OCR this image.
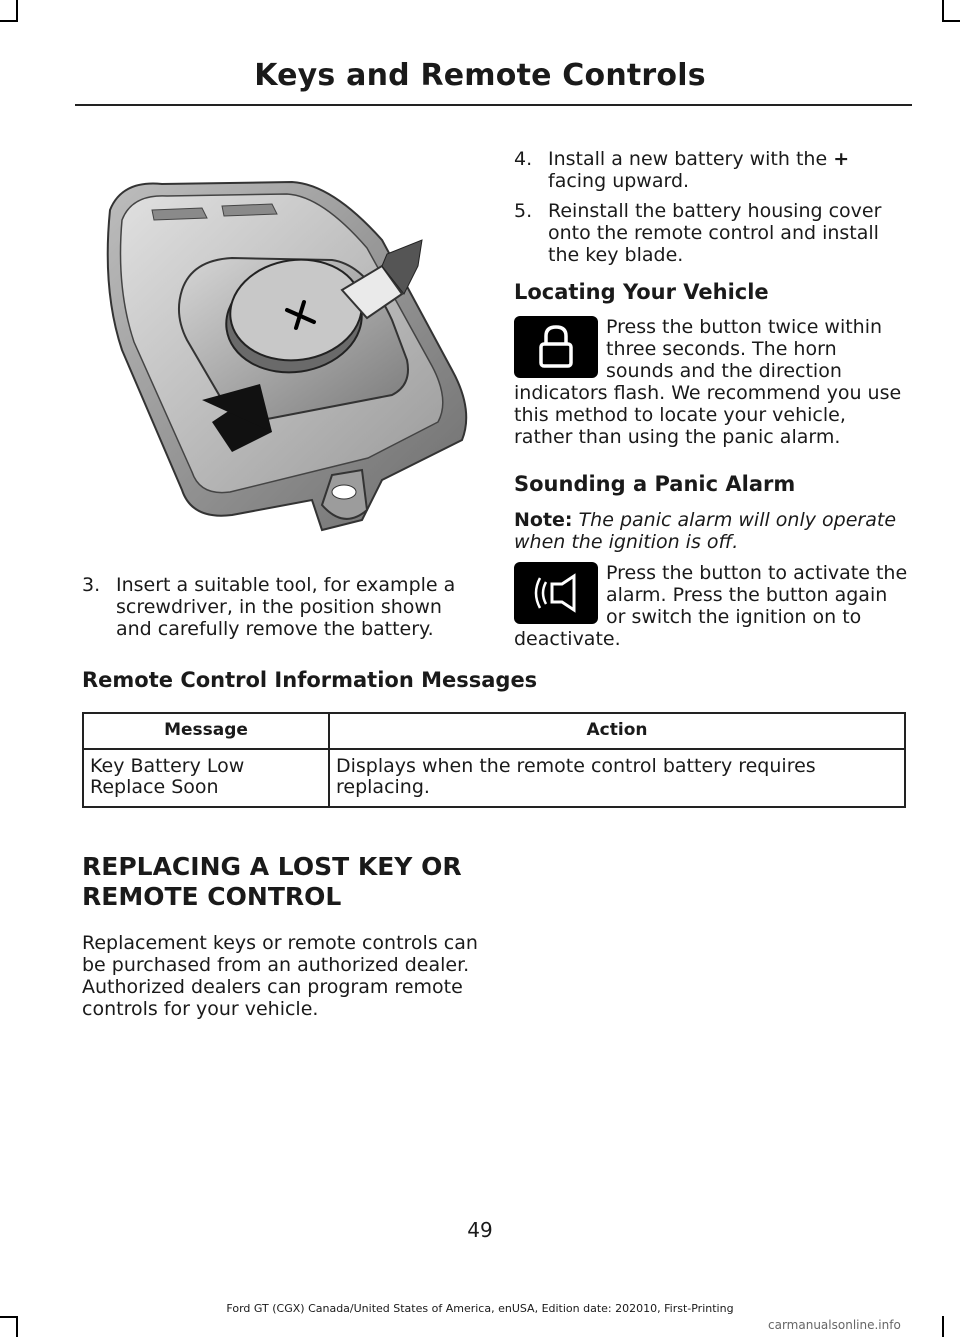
Keys and Remote Controls
3. Insert a suitable tool, for example a screwdriver, in the position shown and carefully remove the battery.
4. Install a new battery with the + facing upward.
5. Reinstall the battery housing cover onto the remote control and install the key blade.
Locating Your Vehicle
Press the button twice within three seconds. The horn sounds and the direction indicators flash. We recommend you use this method to locate your vehicle, rather than using the panic alarm.
Sounding a Panic Alarm
Note: The panic alarm will only operate when the ignition is off.
Press the button to activate the alarm. Press the button again or switch the ignition on to deactivate.
Remote Control Information Messages
Message	Action
Key Battery Low Replace Soon	Displays when the remote control battery requires replacing.
REPLACING A LOST KEY OR
REMOTE CONTROL
Replacement keys or remote controls can be purchased from an authorized dealer. Authorized dealers can program remote controls for your vehicle.
49
Ford GT (CGX) Canada/United States of America, enUSA, Edition date: 202010, First-Printing
carmanualsonline.info
